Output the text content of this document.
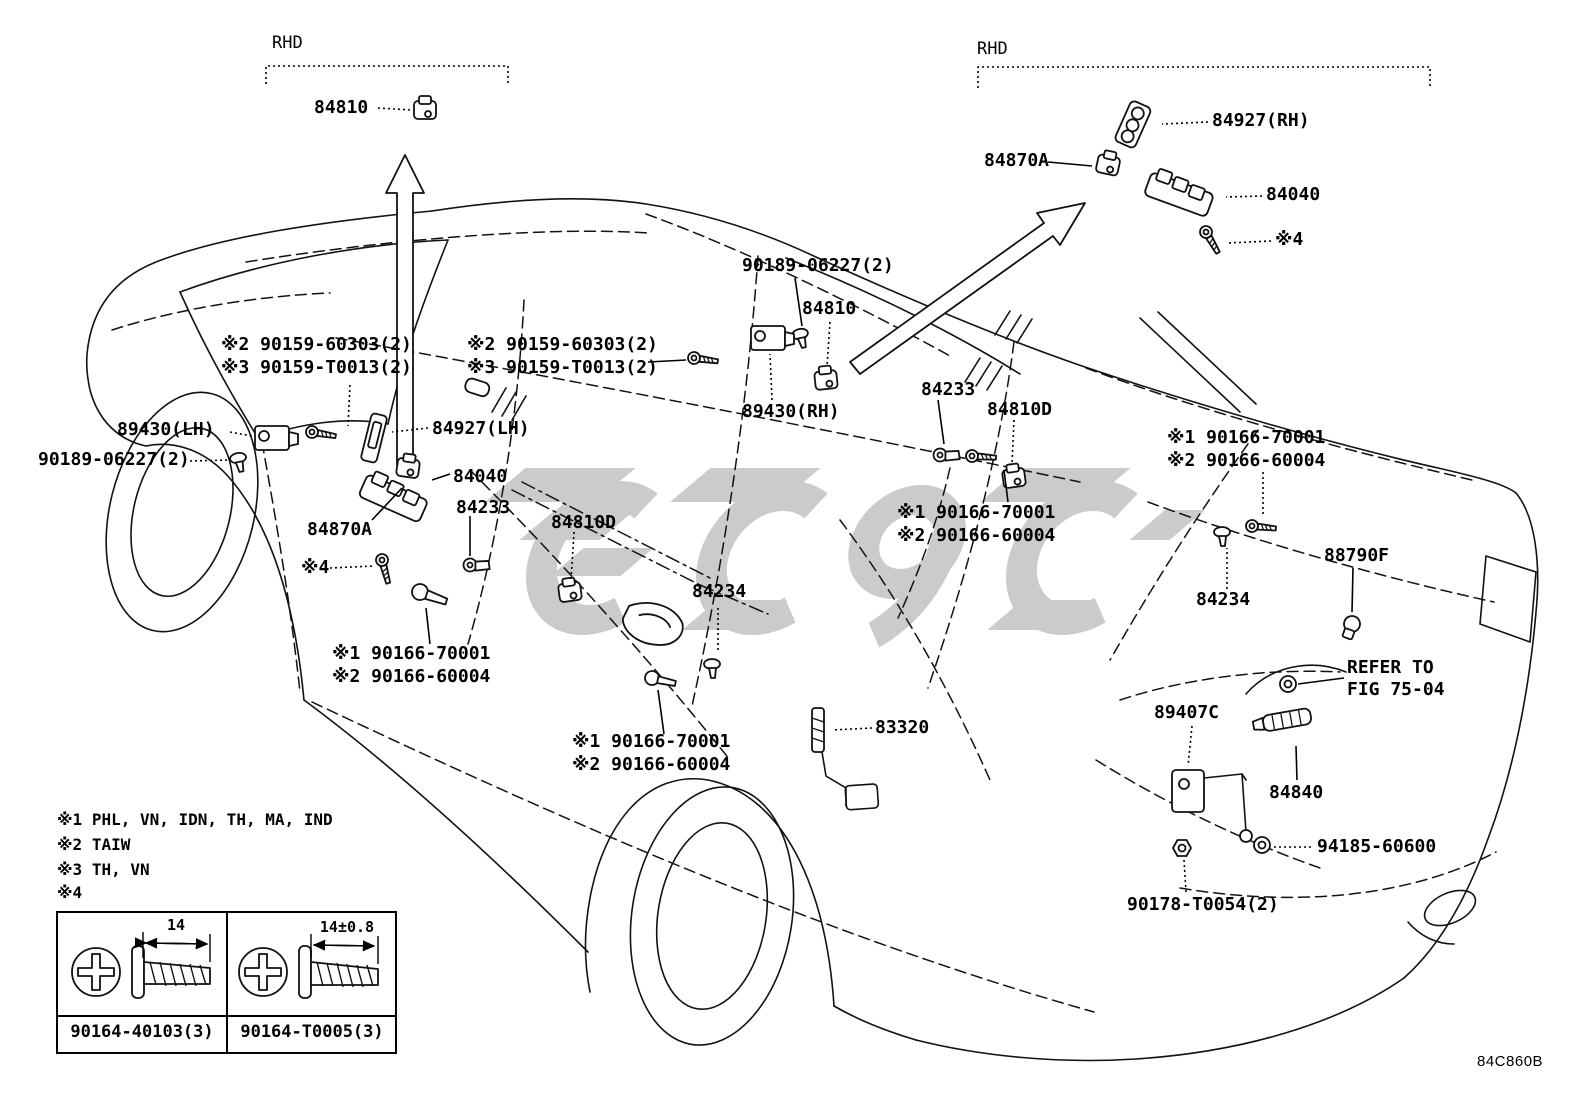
RHD	RHD
84810
84927(RH)
84870A
84040
※4
90189-06227(2)
84810
89430(RH)
※2 90159-60303(2)
※3 90159-T0013(2)
※2 90159-60303(2)
※3 90159-T0013(2)
89430(LH)
90189-06227(2)
84927(LH)
84040
84233
84810D
84870A
※4
84233
84810D
※1 90166-70001
※2 90166-60004
※1 90166-70001
※2 90166-60004
※1 90166-70001
※2 90166-60004
※1 90166-70001
※2 90166-60004
84234	84234
88790F
83320
89407C
REFER TO
FIG 75-04
84840
94185-60600
90178-T0054(2)
※1 PHL, VN, IDN, TH, MA, IND
※2 TAIW
※3 TH, VN
※4
14	14±0.8
90164-40103(3)	90164-T0005(3)
84C860B
